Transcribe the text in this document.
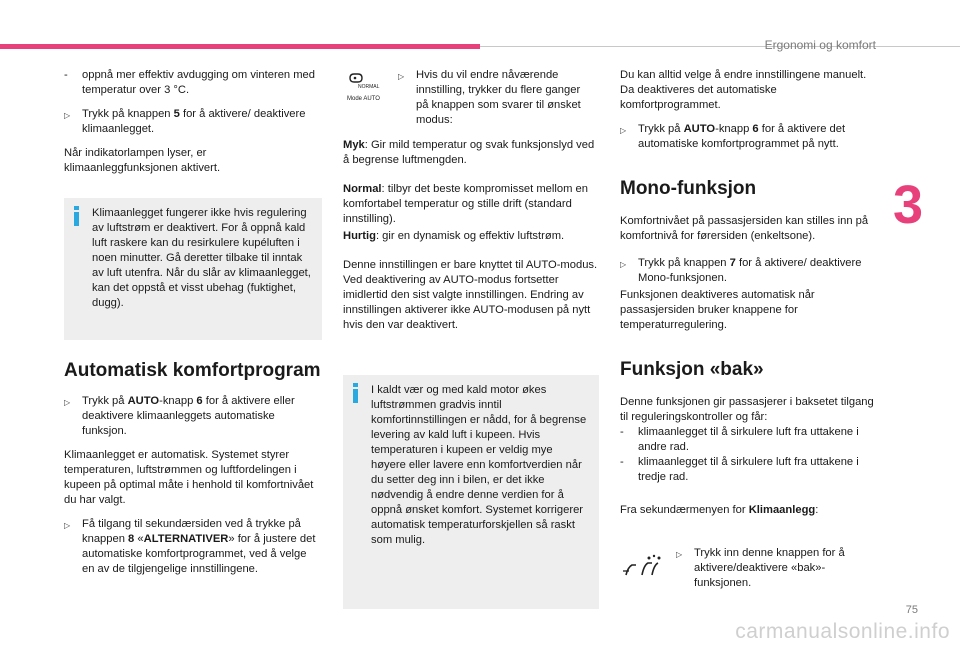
Ergonomi og komfort
3
- oppnå mer effektiv avdugging om vinteren med temperatur over 3 °C.
▷ Trykk på knappen 5 for å aktivere/ deaktivere klimaanlegget.

Når indikatorlampen lyser, er klimaanleggfunksjonen aktivert.

Klimaanlegget fungerer ikke hvis regulering av luftstrøm er deaktivert. For å oppnå kald luft raskere kan du resirkulere kupéluften i noen minutter. Gå deretter tilbake til inntak av luft utenfra. Når du slår av klimaanlegget, kan det oppstå et visst ubehag (fuktighet, dugg).
Automatisk komfortprogram
▷ Trykk på AUTO-knapp 6 for å aktivere eller deaktivere klimaanleggets automatiske funksjon.

Klimaanlegget er automatisk. Systemet styrer temperaturen, luftstrømmen og luftfordelingen i kupeen på optimal måte i henhold til komfortnivået du har valgt.

▷ Få tilgang til sekundærsiden ved å trykke på knappen 8 «ALTERNATIVER» for å justere det automatiske komfortprogrammet, ved å velge en av de tilgjengelige innstillingene.
NORMAL
Mode AUTO
▷ Hvis du vil endre nåværende innstilling, trykker du flere ganger på knappen som svarer til ønsket modus:

Myk: Gir mild temperatur og svak funksjonslyd ved å begrense luftmengden.

Normal: tilbyr det beste kompromisset mellom en komfortabel temperatur og stille drift (standard innstilling).

Hurtig: gir en dynamisk og effektiv luftstrøm.

Denne innstillingen er bare knyttet til AUTO-modus. Ved deaktivering av AUTO-modus fortsetter imidlertid den sist valgte innstillingen. Endring av innstillingen aktiverer ikke AUTO-modusen på nytt hvis den var deaktivert.

I kaldt vær og med kald motor økes luftstrømmen gradvis inntil komfortinnstillingen er nådd, for å begrense levering av kald luft i kupeen. Hvis temperaturen i kupeen er veldig mye høyere eller lavere enn komfortverdien når du setter deg inn i bilen, er det ikke nødvendig å endre denne verdien for å oppnå ønsket komfort. Systemet korrigerer automatisk temperaturforskjellen så raskt som mulig.

Du kan alltid velge å endre innstillingene manuelt. Da deaktiveres det automatiske komfortprogrammet.

▷ Trykk på AUTO-knapp 6 for å aktivere det automatiske komfortprogrammet på nytt.
Mono-funksjon

Komfortnivået på passasjersiden kan stilles inn på komfortnivå for førersiden (enkeltsone).

▷ Trykk på knappen 7 for å aktivere/ deaktivere Mono-funksjonen.

Funksjonen deaktiveres automatisk når passasjersiden bruker knappene for temperaturregulering.

Funksjon «bak»

Denne funksjonen gir passasjerer i baksetet tilgang til reguleringskontroller og får:

- klimaanlegget til å sirkulere luft fra uttakene i andre rad.
- klimaanlegget til å sirkulere luft fra uttakene i tredje rad.

Fra sekundærmenyen for Klimaanlegg:

▷ Trykk inn denne knappen for å aktivere/deaktivere «bak»-funksjonen.
75
carmanualsonline.info
